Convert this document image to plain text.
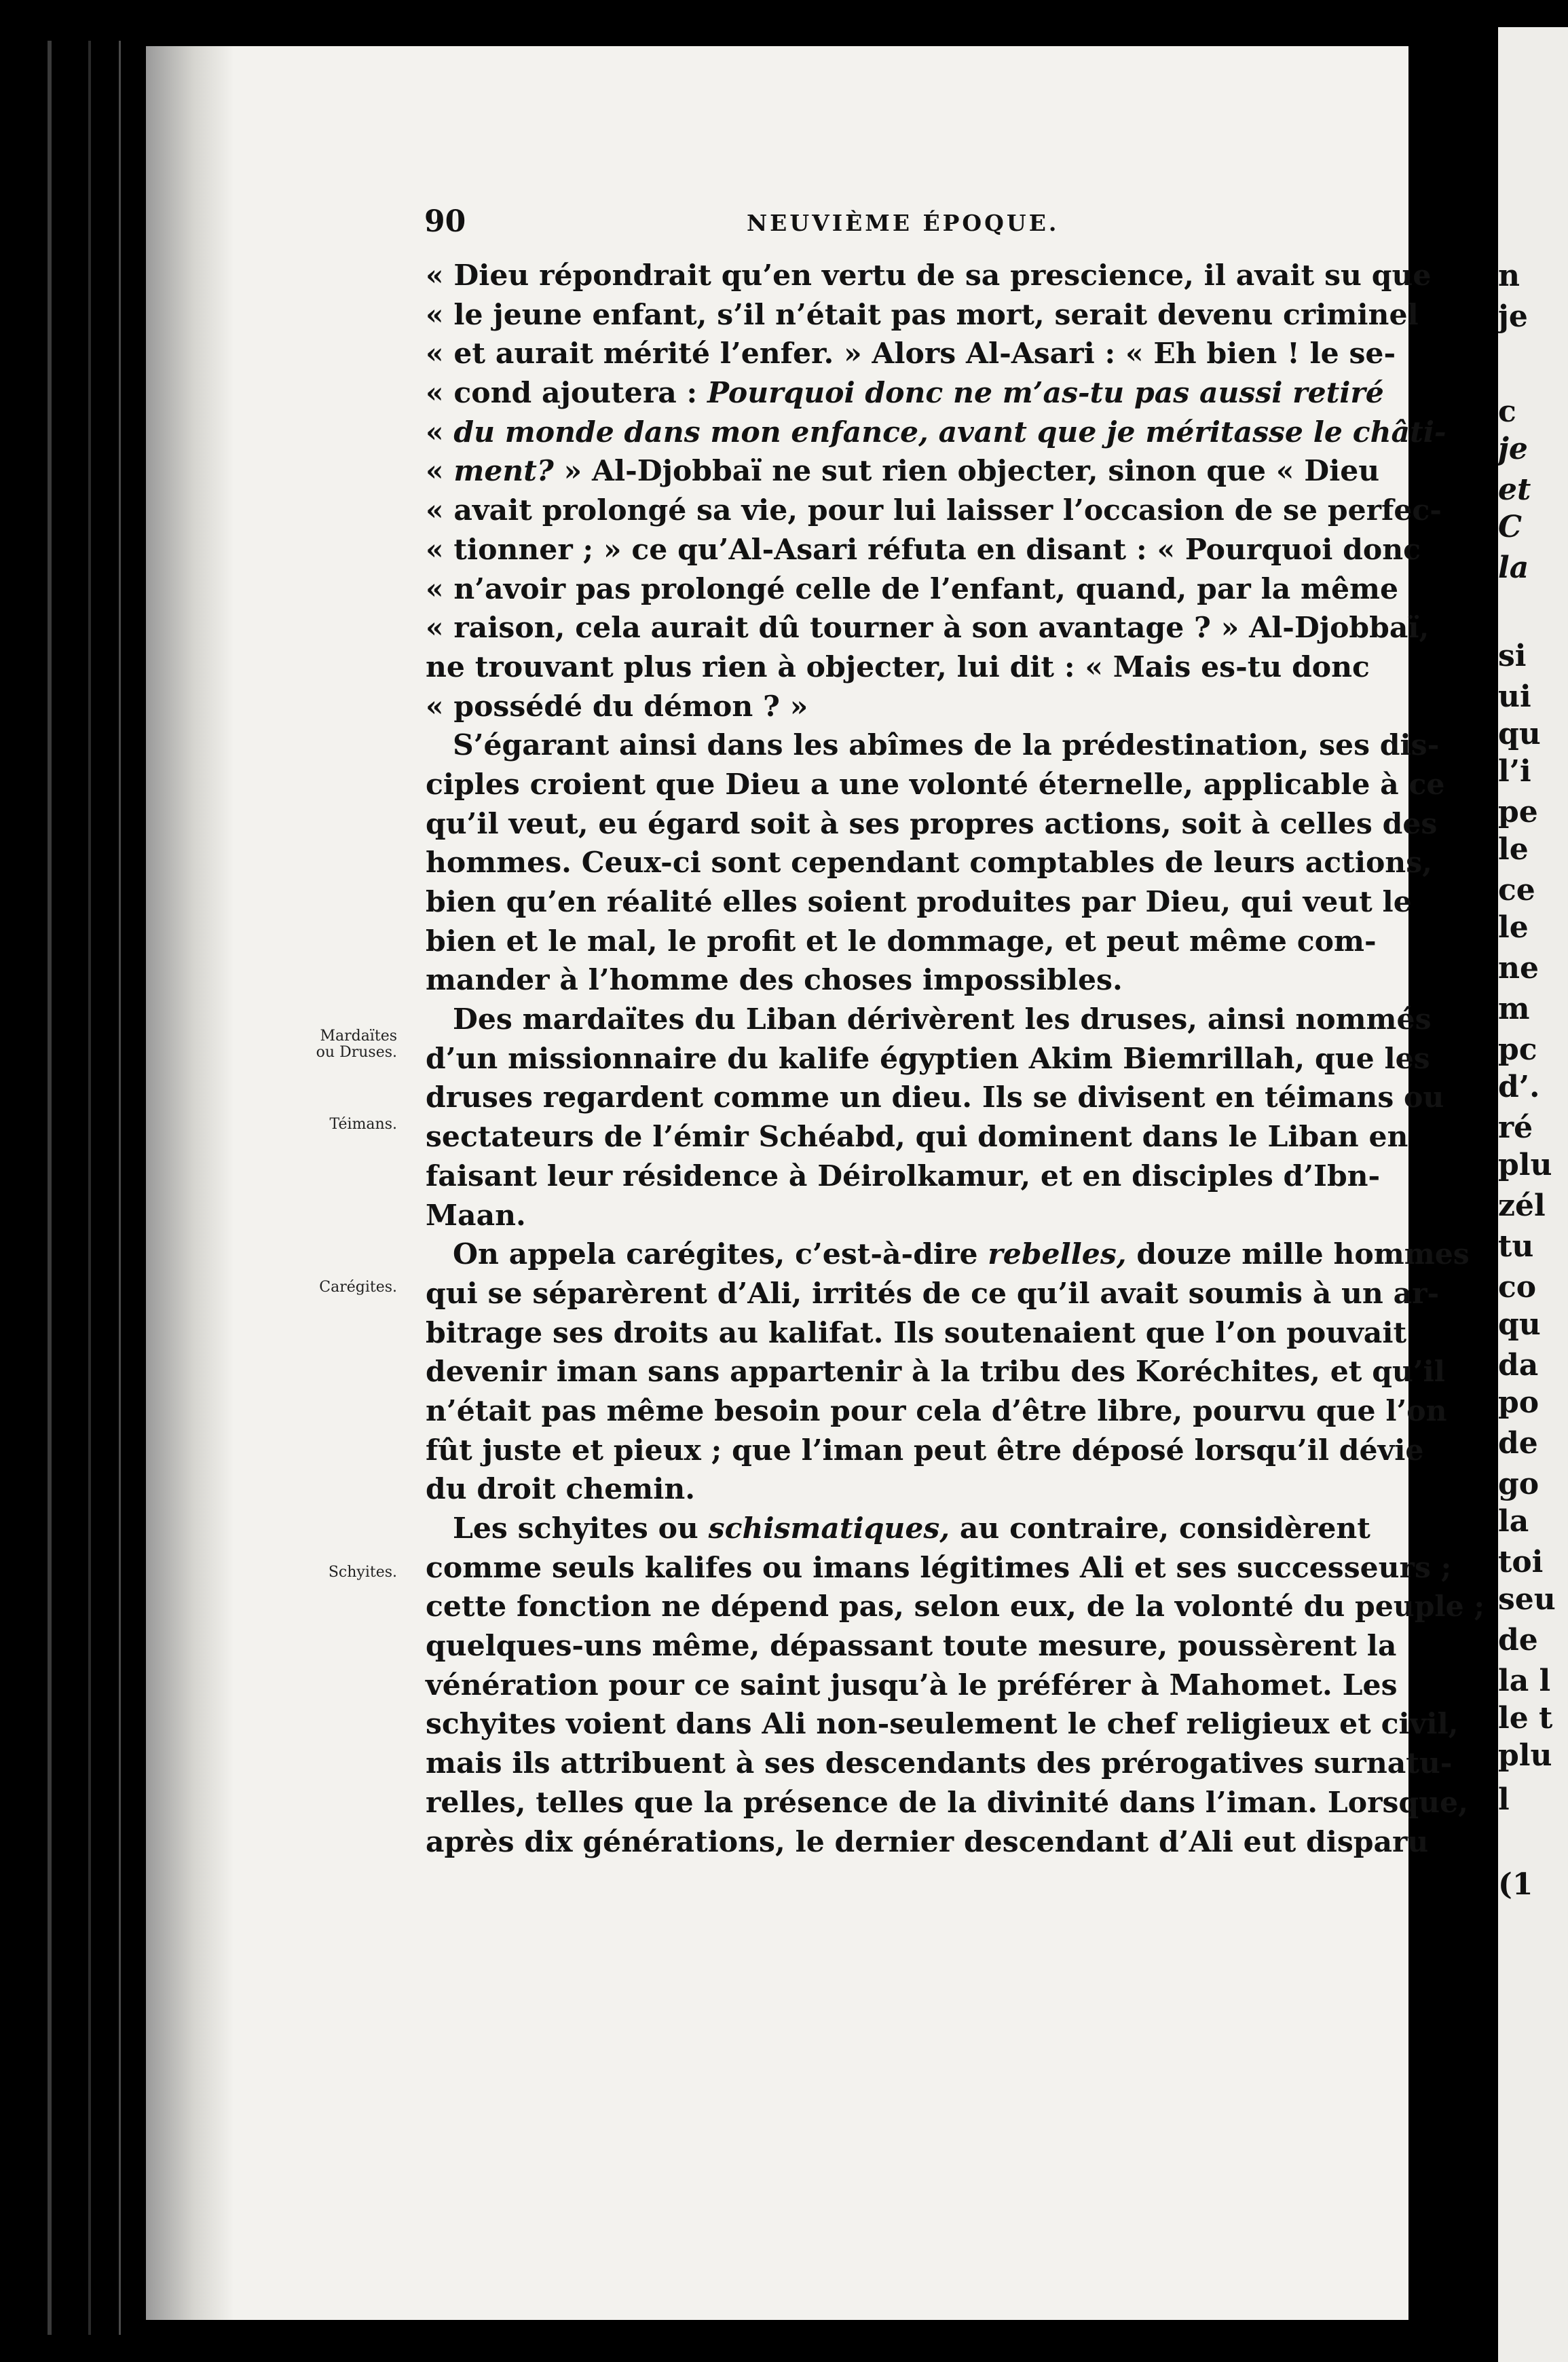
90	NEUVIÈME ÉPOQUE.
« Dieu répondrait qu’en vertu de sa prescience, il avait su que
« le jeune enfant, s’il n’était pas mort, serait devenu criminel
« et aurait mérité l’enfer. » Alors Al-Asari : « Eh bien ! le se-
« cond ajoutera : Pourquoi donc ne m’as-tu pas aussi retiré
« du monde dans mon enfance, avant que je méritasse le châti-
« ment? » Al-Djobbaï ne sut rien objecter, sinon que « Dieu
« avait prolongé sa vie, pour lui laisser l’occasion de se perfec-
« tionner ; » ce qu’Al-Asari réfuta en disant : « Pourquoi donc
« n’avoir pas prolongé celle de l’enfant, quand, par la même
« raison, cela aurait dû tourner à son avantage ? » Al-Djobbaï,
ne trouvant plus rien à objecter, lui dit : « Mais es-tu donc
« possédé du démon ? »
S’égarant ainsi dans les abîmes de la prédestination, ses dis-
ciples croient que Dieu a une volonté éternelle, applicable à ce
qu’il veut, eu égard soit à ses propres actions, soit à celles des
hommes. Ceux-ci sont cependant comptables de leurs actions,
bien qu’en réalité elles soient produites par Dieu, qui veut le
bien et le mal, le profit et le dommage, et peut même com-
mander à l’homme des choses impossibles.
Des mardaïtes du Liban dérivèrent les druses, ainsi nommés
d’un missionnaire du kalife égyptien Akim Biemrillah, que les
druses regardent comme un dieu. Ils se divisent en téimans ou
sectateurs de l’émir Schéabd, qui dominent dans le Liban en
faisant leur résidence à Déirolkamur, et en disciples d’Ibn-
Maan.
On appela carégites, c’est-à-dire rebelles, douze mille hommes
qui se séparèrent d’Ali, irrités de ce qu’il avait soumis à un ar-
bitrage ses droits au kalifat. Ils soutenaient que l’on pouvait
devenir iman sans appartenir à la tribu des Koréchites, et qu’il
n’était pas même besoin pour cela d’être libre, pourvu que l’on
fût juste et pieux ; que l’iman peut être déposé lorsqu’il dévie
du droit chemin.
Les schyites ou schismatiques, au contraire, considèrent
comme seuls kalifes ou imans légitimes Ali et ses successeurs ;
cette fonction ne dépend pas, selon eux, de la volonté du peuple ;
quelques-uns même, dépassant toute mesure, poussèrent la
vénération pour ce saint jusqu’à le préférer à Mahomet. Les
schyites voient dans Ali non-seulement le chef religieux et civil,
mais ils attribuent à ses descendants des prérogatives surnatu-
relles, telles que la présence de la divinité dans l’iman. Lorsque,
après dix générations, le dernier descendant d’Ali eut disparu
Mardaïtes
ou Druses.
Téimans.
Carégites.
Schyites.
n
je
c
je
et
C
la
si
ui
qu
l’i
pe
le
ce
le
ne
m
pc
d’.
ré
plu
zél
tu
co
qu
da
po
de
go
la
toi
seu
de
la l
le t
plu
l
(1
